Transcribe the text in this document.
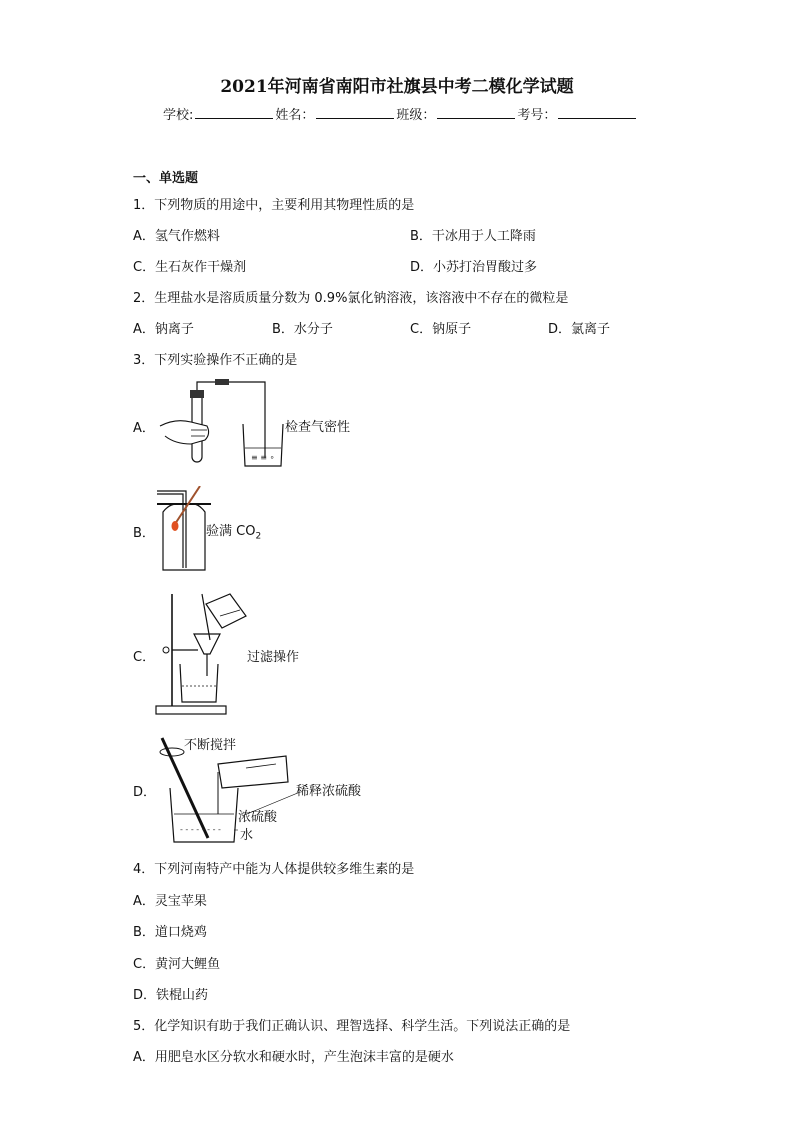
2021年河南省南阳市社旗县中考二模化学试题
学校:	姓名：	班级：	考号：
一、单选题
1．下列物质的用途中，主要利用其物理性质的是
A．氢气作燃料	B．干冰用于人工降雨
C．生石灰作干燥剂	D．小苏打治胃酸过多
2．生理盐水是溶质质量分数为 0.9%氯化钠溶液，该溶液中不存在的微粒是
A．钠离子	B．水分子	C．钠原子	D．氯离子
3．下列实验操作不正确的是
A．
≡ ≡ ∘
检查气密性
B．	验满 $CO_2$
C．	过滤操作
D．
- - - - - - - -
不断搅拌
稀释浓硫酸
浓硫酸
水
4．下列河南特产中能为人体提供较多维生素的是
A．灵宝苹果
B．道口烧鸡
C．黄河大鲤鱼
D．铁棍山药
5．化学知识有助于我们正确认识、理智选择、科学生活。下列说法正确的是
A．用肥皂水区分软水和硬水时，产生泡沫丰富的是硬水
